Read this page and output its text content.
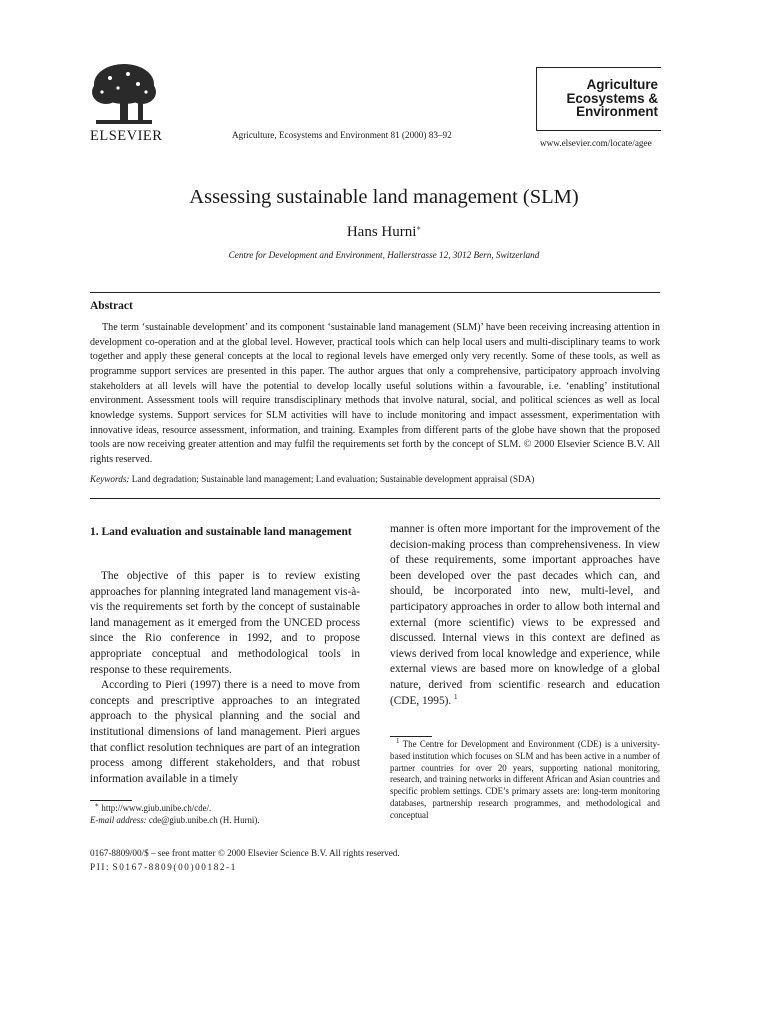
ELSEVIER	Agriculture, Ecosystems and Environment 81 (2000) 83–92
Agriculture
Ecosystems &
Environment
www.elsevier.com/locate/agee
Assessing sustainable land management (SLM)
Hans Hurni∗
Centre for Development and Environment, Hallerstrasse 12, 3012 Bern, Switzerland
Abstract

The term ‘sustainable development’ and its component ‘sustainable land management (SLM)’ have been receiving increasing attention in development co-operation and at the global level. However, practical tools which can help local users and multi-disciplinary teams to work together and apply these general concepts at the local to regional levels have emerged only very recently. Some of these tools, as well as programme support services are presented in this paper. The author argues that only a comprehensive, participatory approach involving stakeholders at all levels will have the potential to develop locally useful solutions within a favourable, i.e. ‘enabling’ institutional environment. Assessment tools will require transdisciplinary methods that involve natural, social, and political sciences as well as local knowledge systems. Support services for SLM activities will have to include monitoring and impact assessment, experimentation with innovative ideas, resource assessment, information, and training. Examples from different parts of the globe have shown that the proposed tools are now receiving greater attention and may fulfil the requirements set forth by the concept of SLM. © 2000 Elsevier Science B.V. All rights reserved.

Keywords: Land degradation; Sustainable land management; Land evaluation; Sustainable development appraisal (SDA)
1. Land evaluation and sustainable land management

The objective of this paper is to review existing approaches for planning integrated land management vis-à-vis the requirements set forth by the concept of sustainable land management as it emerged from the UNCED process since the Rio conference in 1992, and to propose appropriate conceptual and methodological tools in response to these requirements.

According to Pieri (1997) there is a need to move from concepts and prescriptive approaches to an integrated approach to the physical planning and the social and institutional dimensions of land management. Pieri argues that conflict resolution techniques are part of an integration process among different stakeholders, and that robust information available in a timely

manner is often more important for the improvement of the decision-making process than comprehensiveness. In view of these requirements, some important approaches have been developed over the past decades which can, and should, be incorporated into new, multi-level, and participatory approaches in order to allow both internal and external (more scientific) views to be expressed and discussed. Internal views in this context are defined as views derived from local knowledge and experience, while external views are based more on knowledge of a global nature, derived from scientific research and education (CDE, 1995). $^1$

∗ http://www.giub.unibe.ch/cde/.
E-mail address: cde@giub.unibe.ch (H. Hurni).

$^1$ The Centre for Development and Environment (CDE) is a university-based institution which focuses on SLM and has been active in a number of partner countries for over 20 years, supporting national monitoring, research, and training networks in different African and Asian countries and specific problem settings. CDE’s primary assets are: long-term monitoring databases, partnership research programmes, and methodological and conceptual

0167-8809/00/$ – see front matter © 2000 Elsevier Science B.V. All rights reserved.
PII: S0167-8809(00)00182-1
